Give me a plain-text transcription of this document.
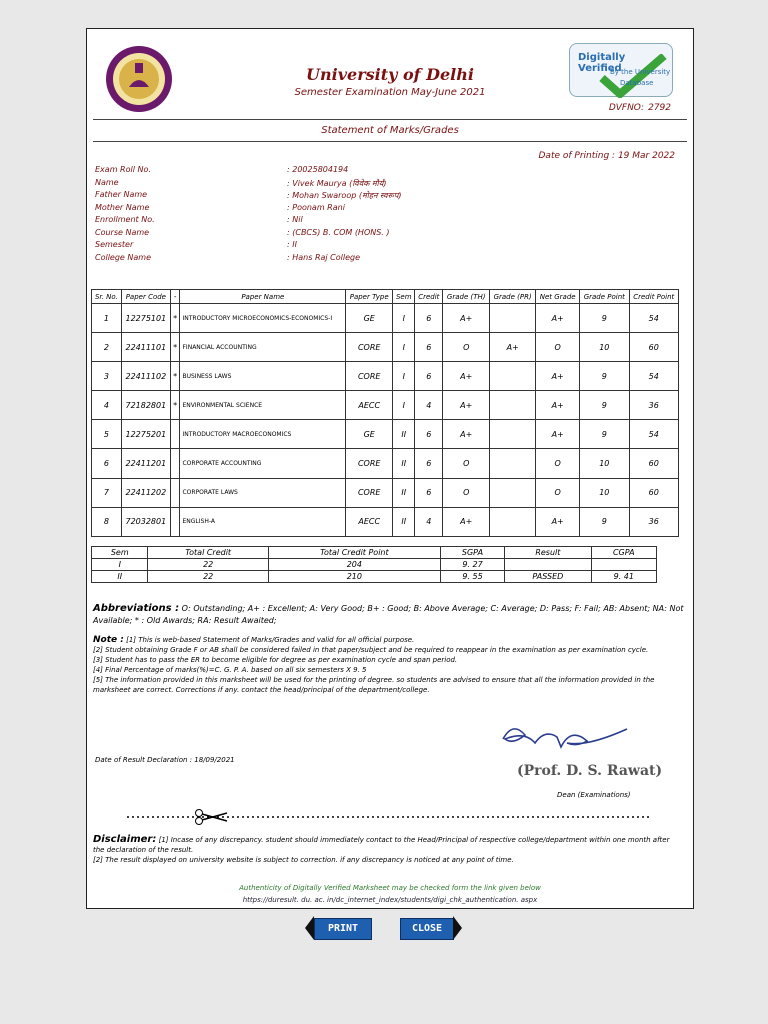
University of Delhi
Semester Examination May-June 2021
Digitally Verified
By the University
Database
DVFNO: 2792
Statement of Marks/Grades
Date of Printing : 19 Mar 2022
Exam Roll No.	: 20025804194
Name	: Vivek Maurya (विवेक मौर्य)
Father Name	: Mohan Swaroop (मोहन स्वरूप)
Mother Name	: Poonam Rani
Enrollment No.	: Nil
Course Name	: (CBCS) B. COM (HONS. )
Semester	: II
College Name	: Hans Raj College
Sr. No.	Paper Code	-	Paper Name	Paper Type	Sem	Credit	Grade (TH)	Grade (PR)	Net Grade	Grade Point	Credit Point
1	12275101	*	INTRODUCTORY MICROECONOMICS-ECONOMICS-I	GE	I	6	A+		A+	9	54
2	22411101	*	FINANCIAL ACCOUNTING	CORE	I	6	O	A+	O	10	60
3	22411102	*	BUSINESS LAWS	CORE	I	6	A+		A+	9	54
4	72182801	*	ENVIRONMENTAL SCIENCE	AECC	I	4	A+		A+	9	36
5	12275201		INTRODUCTORY MACROECONOMICS	GE	II	6	A+		A+	9	54
6	22411201		CORPORATE ACCOUNTING	CORE	II	6	O		O	10	60
7	22411202		CORPORATE LAWS	CORE	II	6	O		O	10	60
8	72032801		ENGLISH-A	AECC	II	4	A+		A+	9	36
Sem	Total Credit	Total Credit Point	SGPA	Result	CGPA
I	22	204	9. 27		
II	22	210	9. 55	PASSED	9. 41
Abbreviations : O: Outstanding; A+ : Excellent; A: Very Good; B+ : Good; B: Above Average; C: Average; D: Pass; F: Fail; AB: Absent; NA: Not Available; * : Old Awards; RA: Result Awaited;
Note : [1] This is web-based Statement of Marks/Grades and valid for all official purpose.
[2] Student obtaining Grade F or AB shall be considered failed in that paper/subject and be required to reappear in the examination as per examination cycle.
[3] Student has to pass the ER to become eligible for degree as per examination cycle and span period.
[4] Final Percentage of marks(%)=C. G. P. A. based on all six semesters X 9. 5
[5] The information provided in this marksheet will be used for the printing of degree. so students are advised to ensure that all the information provided in the marksheet are correct. Corrections if any. contact the head/principal of the department/college.
(Prof. D. S. Rawat)
Dean (Examinations)
Date of Result Declaration : 18/09/2021
Disclaimer: [1] Incase of any discrepancy. student should immediately contact to the Head/Principal of respective college/department within one month after the declaration of the result.
[2] The result displayed on university website is subject to correction. if any discrepancy is noticed at any point of time.
Authenticity of Digitally Verified Marksheet may be checked form the link given below
https://duresult. du. ac. in/dc_internet_index/students/digi_chk_authentication. aspx
PRINT	CLOSE
